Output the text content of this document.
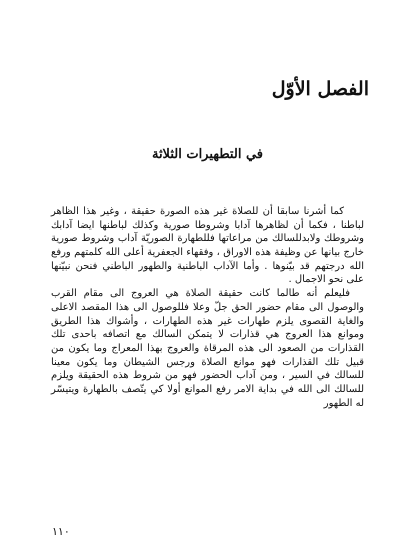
الفصل الأوّل
في التطهيرات الثلاثة

كما أشرنا سابقا أن للصلاة غير هذه الصورة حقيقة ، وغير هذا الظاهر لباطنا ، فكما أن لظاهرها آدابا وشروطا صورية وكذلك لباطنها ايضا آدابك وشروطك ولابدللسالك من مراعاتها فللطهارة الصوريّة آداب وشروط صورية خارج بيانها عن وظيفة هذه الاوراق ، وفقهاء الجعفرية أعلى الله كلمتهم ورفع الله درجتهم قد بيّنوها . وأما الآداب الباطنية والطهور الباطني فنحن نبيّنها على نحو الاجمال .

فليعلم أنه طالما كانت حقيقة الصلاة هي العروج الى مقام القرب والوصول الى مقام حضور الحق جلّ وعلا فللوصول الى هذا المقصد الاعلى والغاية القصوى يلزم طهارات غير هذه الطهارات ، وأشواك هذا الطريق وموانع هذا العروج هي قذارات لا يتمكن السالك مع اتصافه باحدى تلك القذارات من الصعود الى هذه المرقاة والعروج بهذا المعراج وما يكون من قبيل تلك القذارات فهو موانع الصلاة ورجس الشيطان وما يكون معينا للسالك في السير ، ومن آداب الحضور فهو من شروط هذه الحقيقة ويلزم للسالك الى الله في بداية الامر رفع الموانع أولا كي يتّصف بالطهارة ويتيسّر له الطهور

١١٠
